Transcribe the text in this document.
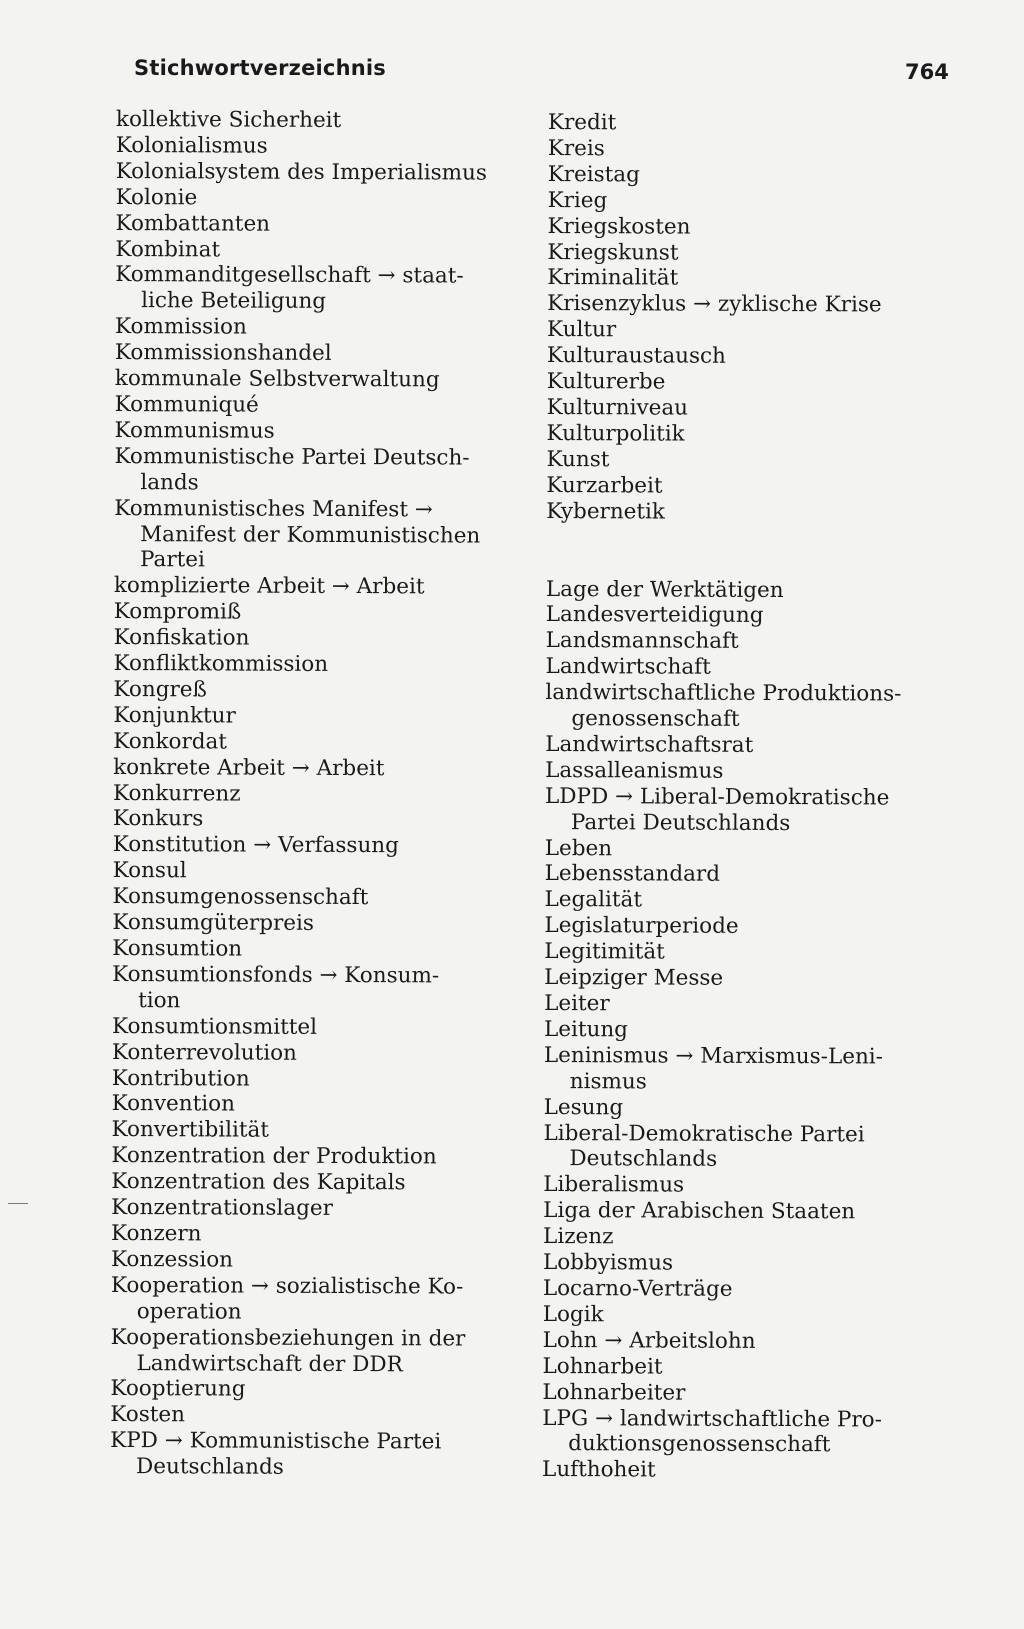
Stichwortverzeichnis	764
kollektive Sicherheit
Kolonialismus
Kolonialsystem des Imperialismus
Kolonie
Kombattanten
Kombinat
Kommanditgesellschaft → staat-
liche Beteiligung
Kommission
Kommissionshandel
kommunale Selbstverwaltung
Kommuniqué
Kommunismus
Kommunistische Partei Deutsch-
lands
Kommunistisches Manifest →
Manifest der Kommunistischen
Partei
komplizierte Arbeit → Arbeit
Kompromiß
Konfiskation
Konfliktkommission
Kongreß
Konjunktur
Konkordat
konkrete Arbeit → Arbeit
Konkurrenz
Konkurs
Konstitution → Verfassung
Konsul
Konsumgenossenschaft
Konsumgüterpreis
Konsumtion
Konsumtionsfonds → Konsum-
tion
Konsumtionsmittel
Konterrevolution
Kontribution
Konvention
Konvertibilität
Konzentration der Produktion
Konzentration des Kapitals
Konzentrationslager
Konzern
Konzession
Kooperation → sozialistische Ko-
operation
Kooperationsbeziehungen in der
Landwirtschaft der DDR
Kooptierung
Kosten
KPD → Kommunistische Partei
Deutschlands
Kredit
Kreis
Kreistag
Krieg
Kriegskosten
Kriegskunst
Kriminalität
Krisenzyklus → zyklische Krise
Kultur
Kulturaustausch
Kulturerbe
Kulturniveau
Kulturpolitik
Kunst
Kurzarbeit
Kybernetik
Lage der Werktätigen
Landesverteidigung
Landsmannschaft
Landwirtschaft
landwirtschaftliche Produktions-
genossenschaft
Landwirtschaftsrat
Lassalleanismus
LDPD → Liberal-Demokratische
Partei Deutschlands
Leben
Lebensstandard
Legalität
Legislaturperiode
Legitimität
Leipziger Messe
Leiter
Leitung
Leninismus → Marxismus-Leni-
nismus
Lesung
Liberal-Demokratische Partei
Deutschlands
Liberalismus
Liga der Arabischen Staaten
Lizenz
Lobbyismus
Locarno-Verträge
Logik
Lohn → Arbeitslohn
Lohnarbeit
Lohnarbeiter
LPG → landwirtschaftliche Pro-
duktionsgenossenschaft
Lufthoheit
